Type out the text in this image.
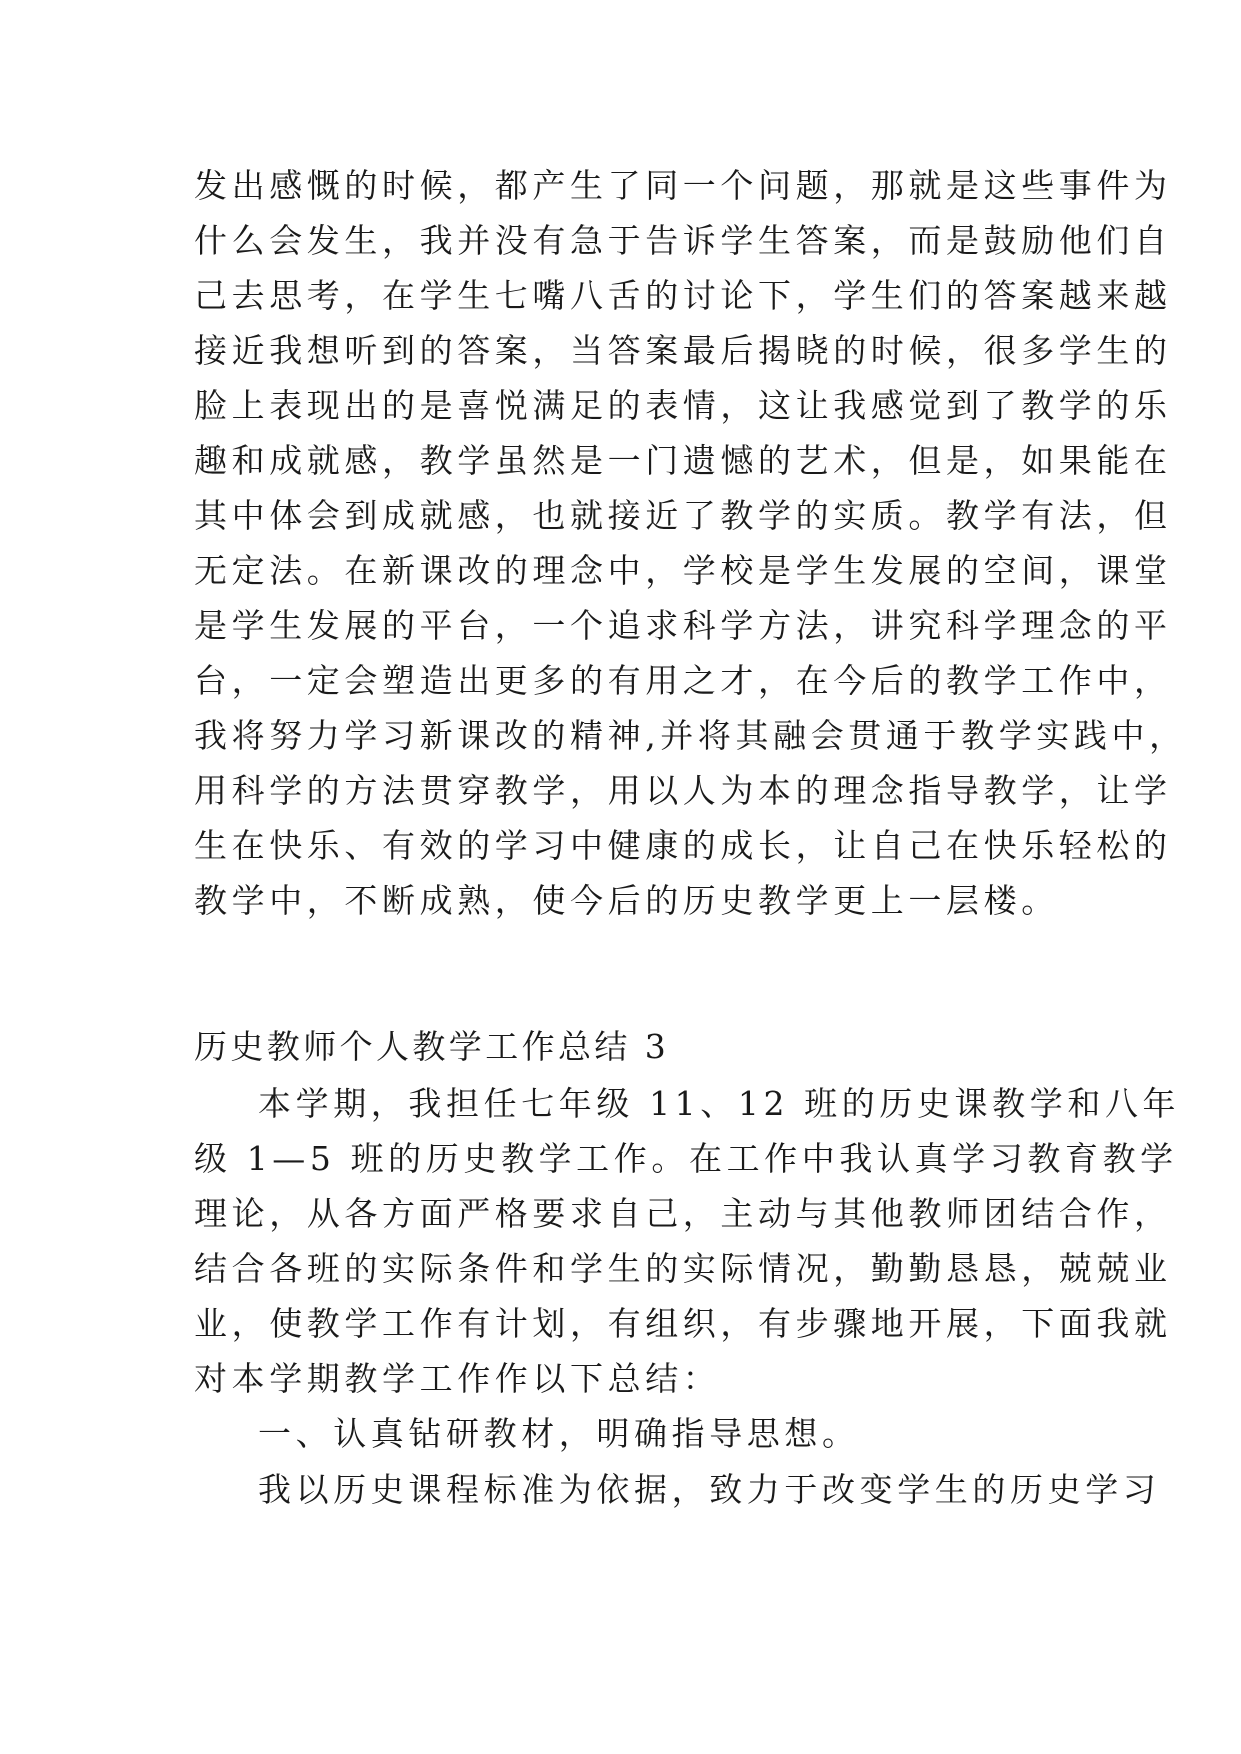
发出感慨的时候，都产生了同一个问题，那就是这些事件为
什么会发生，我并没有急于告诉学生答案，而是鼓励他们自
己去思考，在学生七嘴八舌的讨论下，学生们的答案越来越
接近我想听到的答案，当答案最后揭晓的时候，很多学生的
脸上表现出的是喜悦满足的表情，这让我感觉到了教学的乐
趣和成就感，教学虽然是一门遗憾的艺术，但是，如果能在
其中体会到成就感，也就接近了教学的实质。教学有法，但
无定法。在新课改的理念中，学校是学生发展的空间，课堂
是学生发展的平台，一个追求科学方法，讲究科学理念的平
台，一定会塑造出更多的有用之才，在今后的教学工作中，
我将努力学习新课改的精神,并将其融会贯通于教学实践中，
用科学的方法贯穿教学，用以人为本的理念指导教学，让学
生在快乐、有效的学习中健康的成长，让自己在快乐轻松的
教学中，不断成熟，使今后的历史教学更上一层楼。
历史教师个人教学工作总结 3
本学期，我担任七年级 11、12 班的历史课教学和八年
级 1—5 班的历史教学工作。在工作中我认真学习教育教学
理论，从各方面严格要求自己，主动与其他教师团结合作，
结合各班的实际条件和学生的实际情况，勤勤恳恳，兢兢业
业，使教学工作有计划，有组织，有步骤地开展，下面我就
对本学期教学工作作以下总结：
一、认真钻研教材，明确指导思想。
我以历史课程标准为依据，致力于改变学生的历史学习
